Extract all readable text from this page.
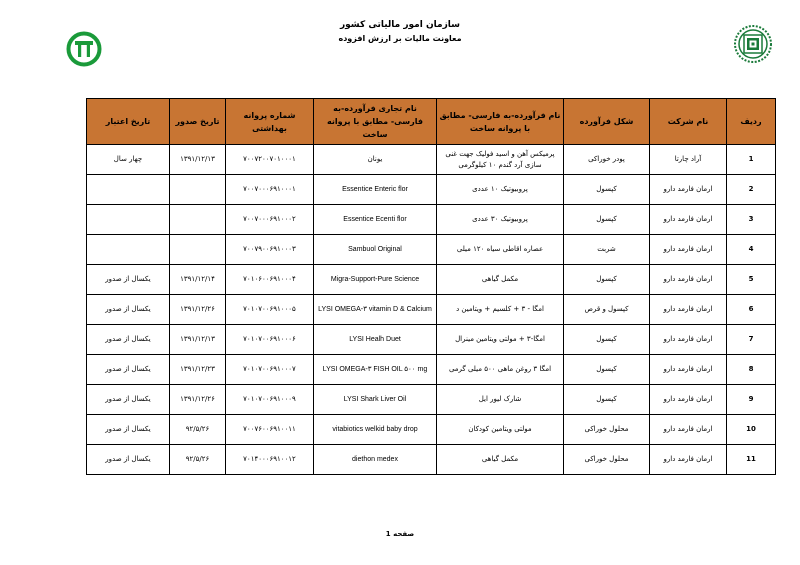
سازمان امور مالیاتی کشور
معاونت مالیات بر ارزش افزوده
ردیف	نام شرکت	شکل فرآورده	نام فرآورده-به فارسی- مطابق با پروانه ساخت	نام تجاری فرآورده-به فارسی- مطابق با پروانه ساخت	شماره پروانه بهداشتی	تاریخ صدور	تاریخ اعتبار
1	آراد چارتا	پودر خوراکی	پرمیکس آهن و اسید فولیک جهت غنی سازی آرد گندم ۱۰ کیلوگرمی	یونان	۷۰۰۷۲۰۰۷۰۱۰۰۰۱	۱۳۹۱/۱۲/۱۳	چهار سال
2	ارمان فارمد دارو	کپسول	پروبیوتیک ۱۰ عددی	Essentice Enteric flor	۷۰۰۷۰۰۰۶۹۱۰۰۰۱		
3	ارمان فارمد دارو	کپسول	پروبیوتیک ۳۰ عددی	Essentice Ecenti flor	۷۰۰۷۰۰۰۶۹۱۰۰۰۲		
4	ارمان فارمد دارو	شربت	عصاره اقاطی سیاه ۱۲۰ میلی	Sambuol Original	۷۰۰۷۹۰۰۶۹۱۰۰۰۳		
5	ارمان فارمد دارو	کپسول	مکمل گیاهی	Migra-Support-Pure Science	۷۰۱۰۶۰۰۶۹۱۰۰۰۴	۱۳۹۱/۱۲/۱۴	یکسال از صدور
6	ارمان فارمد دارو	کپسول و قرص	امگا - ۳ + کلسیم + ویتامین د	LYSI OMEGA-۳ vitamin D & Calcium	۷۰۱۰۷۰۰۶۹۱۰۰۰۵	۱۳۹۱/۱۲/۲۶	یکسال از صدور
7	ارمان فارمد دارو	کپسول	امگا-۳ + مولتی ویتامین مینرال	LYSI Healh Duet	۷۰۱۰۷۰۰۶۹۱۰۰۰۶	۱۳۹۱/۱۲/۱۳	یکسال از صدور
8	ارمان فارمد دارو	کپسول	امگا ۳ روغن ماهی ۵۰۰ میلی گرمی	LYSI OMEGA-۳ FISH OIL ۵۰۰ mg	۷۰۱۰۷۰۰۶۹۱۰۰۰۷	۱۳۹۱/۱۲/۲۳	یکسال از صدور
9	ارمان فارمد دارو	کپسول	شارک لیور ایل	LYSI Shark Liver Oil	۷۰۱۰۷۰۰۶۹۱۰۰۰۹	۱۳۹۱/۱۲/۲۶	یکسال از صدور
10	ارمان فارمد دارو	محلول خوراکی	مولتی ویتامین کودکان	vitabiotics welkid baby drop	۷۰۰۷۶۰۰۶۹۱۰۰۱۱	۹۲/۵/۲۶	یکسال از صدور
11	ارمان فارمد دارو	محلول خوراکی	مکمل گیاهی	diethon medex	۷۰۱۴۰۰۰۶۹۱۰۰۱۲	۹۲/۵/۲۶	یکسال از صدور
صفحه 1
